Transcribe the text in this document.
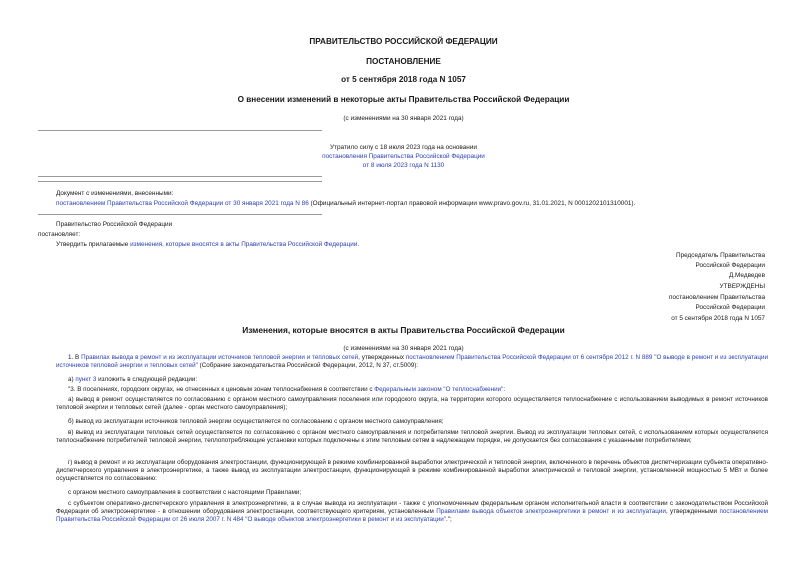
ПРАВИТЕЛЬСТВО РОССИЙСКОЙ ФЕДЕРАЦИИ
ПОСТАНОВЛЕНИЕ
от 5 сентября 2018 года N 1057
О внесении изменений в некоторые акты Правительства Российской Федерации
(с изменениями на 30 января 2021 года)
Утратило силу с 18 июля 2023 года на основании
постановления Правительства Российской Федерации
от 8 июля 2023 года N 1130
Документ с изменениями, внесенными:
постановлением Правительства Российской Федерации от 30 января 2021 года N 86 (Официальный интернет-портал правовой информации www.pravo.gov.ru, 31.01.2021, N 0001202101310001).
Правительство Российской Федерации
постановляет:
Утвердить прилагаемые изменения, которые вносятся в акты Правительства Российской Федерации.
Председатель Правительства
Российской Федерации
Д.Медведев
УТВЕРЖДЕНЫ
постановлением Правительства
Российской Федерации
от 5 сентября 2018 года N 1057
Изменения, которые вносятся в акты Правительства Российской Федерации
(с изменениями на 30 января 2021 года)
1. В Правилах вывода в ремонт и из эксплуатации источников тепловой энергии и тепловых сетей, утвержденных постановлением Правительства Российской Федерации от 6 сентября 2012 г. N 889 "О выводе в ремонт и из эксплуатации источников тепловой энергии и тепловых сетей" (Собрание законодательства Российской Федерации, 2012, N 37, ст.5009):
а) пункт 3 изложить в следующей редакции:
"3. В поселениях, городских округах, не отнесенных к ценовым зонам теплоснабжения в соответствии с Федеральным законом "О теплоснабжении":
а) вывод в ремонт осуществляется по согласованию с органом местного самоуправления поселения или городского округа, на территории которого осуществляется теплоснабжение с использованием выводимых в ремонт источников тепловой энергии и тепловых сетей (далее - орган местного самоуправления);
б) вывод из эксплуатации источников тепловой энергии осуществляется по согласованию с органом местного самоуправления;
в) вывод из эксплуатации тепловых сетей осуществляется по согласованию с органом местного самоуправления и потребителями тепловой энергии. Вывод из эксплуатации тепловых сетей, с использованием которых осуществляется теплоснабжение потребителей тепловой энергии, теплопотребляющие установки которых подключены к этим тепловым сетям в надлежащем порядке, не допускается без согласования с указанными потребителями;
г) вывод в ремонт и из эксплуатации оборудования электростанции, функционирующей в режиме комбинированной выработки электрической и тепловой энергии, включенного в перечень объектов диспетчеризации субъекта оперативно-диспетчерского управления в электроэнергетике, а также вывод из эксплуатации электростанции, функционирующей в режиме комбинированной выработки электрической и тепловой энергии, установленной мощностью 5 МВт и более осуществляется по согласованию:
с органом местного самоуправления в соответствии с настоящими Правилами;
с субъектом оперативно-диспетчерского управления в электроэнергетике, а в случае вывода из эксплуатации - также с уполномоченным федеральным органом исполнительной власти в соответствии с законодательством Российской Федерации об электроэнергетике - в отношении оборудования электростанции, соответствующего критериям, установленным Правилами вывода объектов электроэнергетики в ремонт и из эксплуатации, утвержденными постановлением Правительства Российской Федерации от 26 июля 2007 г. N 484 "О выводе объектов электроэнергетики в ремонт и из эксплуатации".";
